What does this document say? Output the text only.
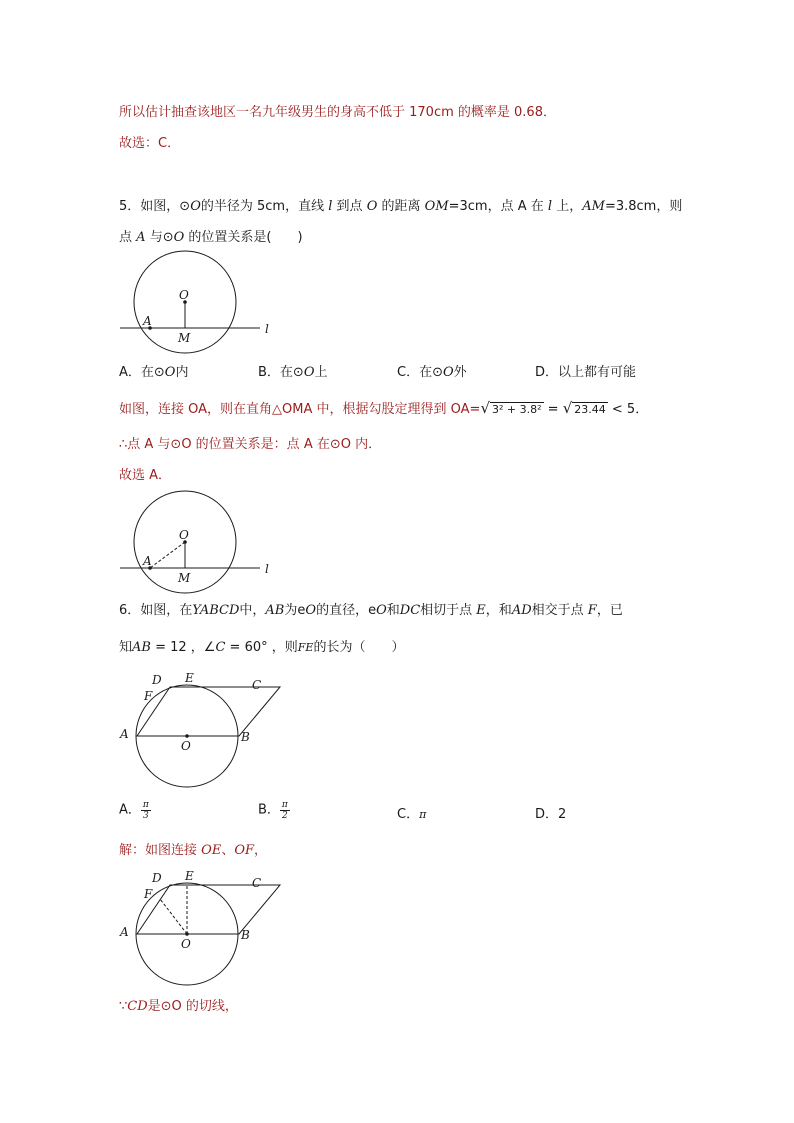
所以估计抽查该地区一名九年级男生的身高不低于 170cm 的概率是 0.68．
故选：C．
5．如图，⊙O的半径为 5cm，直线 l 到点 O 的距离 OM=3cm，点 A 在 l 上，AM=3.8cm，则
点 A 与⊙O 的位置关系是(　　)
O
A
M
l
A．在⊙O内	B．在⊙O上	C．在⊙O外	D．以上都有可能
如图，连接 OA，则在直角△OMA 中，根据勾股定理得到 OA=√ 3² + 3.8² = √ 23.44 < 5．
∴点 A 与⊙O 的位置关系是：点 A 在⊙O 内．
故选 A．
O
A
M
l
6．如图，在YABCD中，AB为eO的直径，eO和DC相切于点 E，和AD相交于点 F，已
知AB = 12 ，∠C = 60° ，则FE的长为（　　）
D E	C
F
A
O
B
A． $\frac{\pi}{3}$	B． $\frac{\pi}{2}$	C．π	D．2
解：如图连接 OE、OF，
D E	C
F
A
O
B
∵CD是⊙O 的切线，
